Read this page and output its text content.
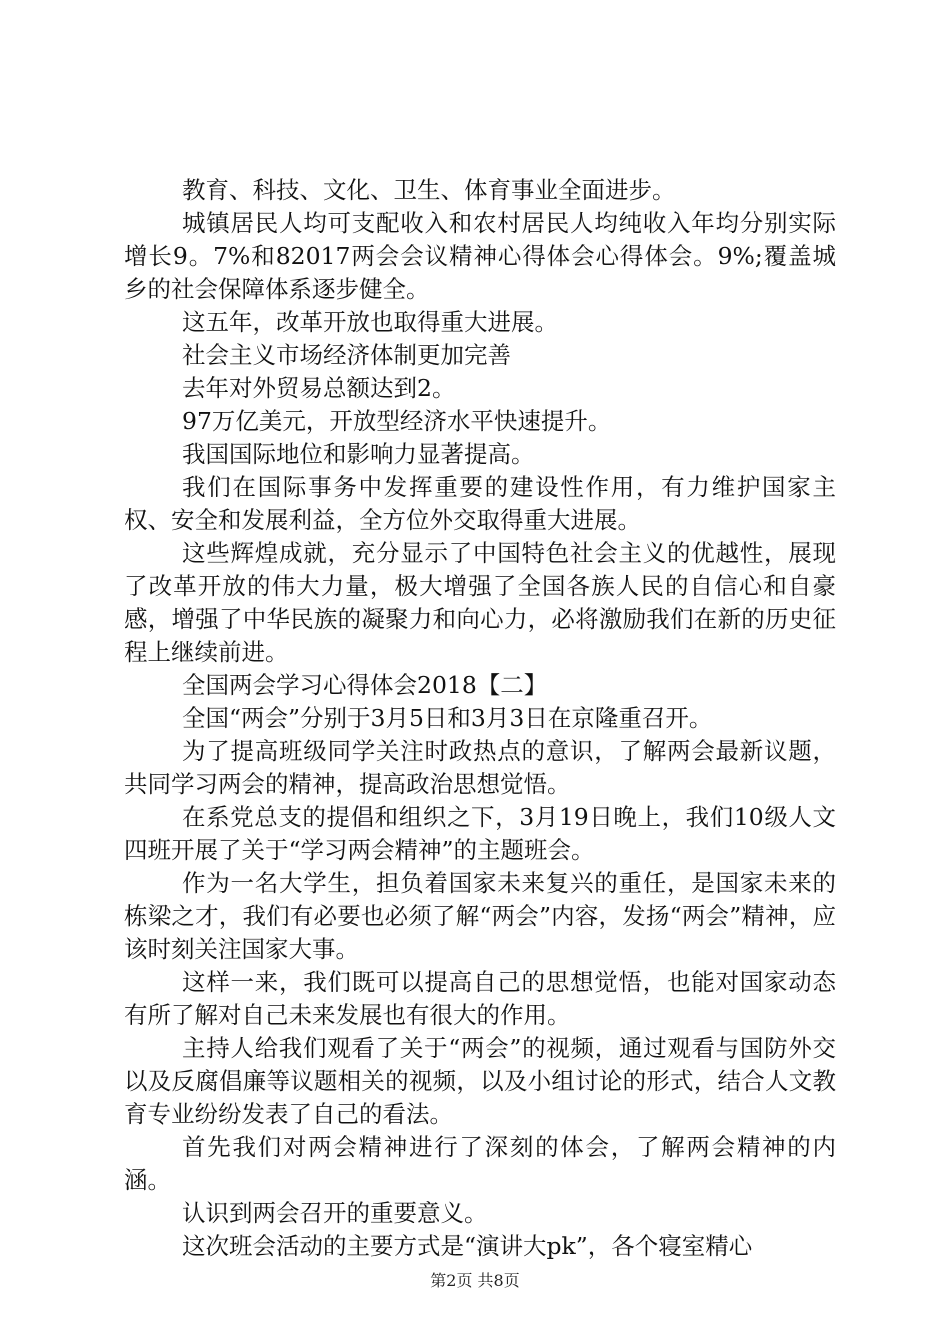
教育、科技、文化、卫生、体育事业全面进步。

城镇居民人均可支配收入和农村居民人均纯收入年均分别实际增长9。7%和82017两会会议精神心得体会心得体会。9%;覆盖城乡的社会保障体系逐步健全。

这五年，改革开放也取得重大进展。

社会主义市场经济体制更加完善

去年对外贸易总额达到2。

97万亿美元，开放型经济水平快速提升。

我国国际地位和影响力显著提高。

我们在国际事务中发挥重要的建设性作用，有力维护国家主权、安全和发展利益，全方位外交取得重大进展。

这些辉煌成就，充分显示了中国特色社会主义的优越性，展现了改革开放的伟大力量，极大增强了全国各族人民的自信心和自豪感，增强了中华民族的凝聚力和向心力，必将激励我们在新的历史征程上继续前进。

全国两会学习心得体会2018【二】

全国“两会”分别于3月5日和3月3日在京隆重召开。

为了提高班级同学关注时政热点的意识，了解两会最新议题，共同学习两会的精神，提高政治思想觉悟。

在系党总支的提倡和组织之下，3月19日晚上，我们10级人文四班开展了关于“学习两会精神”的主题班会。

作为一名大学生，担负着国家未来复兴的重任，是国家未来的栋梁之才，我们有必要也必须了解“两会”内容，发扬“两会”精神，应该时刻关注国家大事。

这样一来，我们既可以提高自己的思想觉悟，也能对国家动态有所了解对自己未来发展也有很大的作用。

主持人给我们观看了关于“两会”的视频，通过观看与国防外交以及反腐倡廉等议题相关的视频，以及小组讨论的形式，结合人文教育专业纷纷发表了自己的看法。

首先我们对两会精神进行了深刻的体会，了解两会精神的内涵。

认识到两会召开的重要意义。

这次班会活动的主要方式是“演讲大pk”，各个寝室精心

第2页 共8页
